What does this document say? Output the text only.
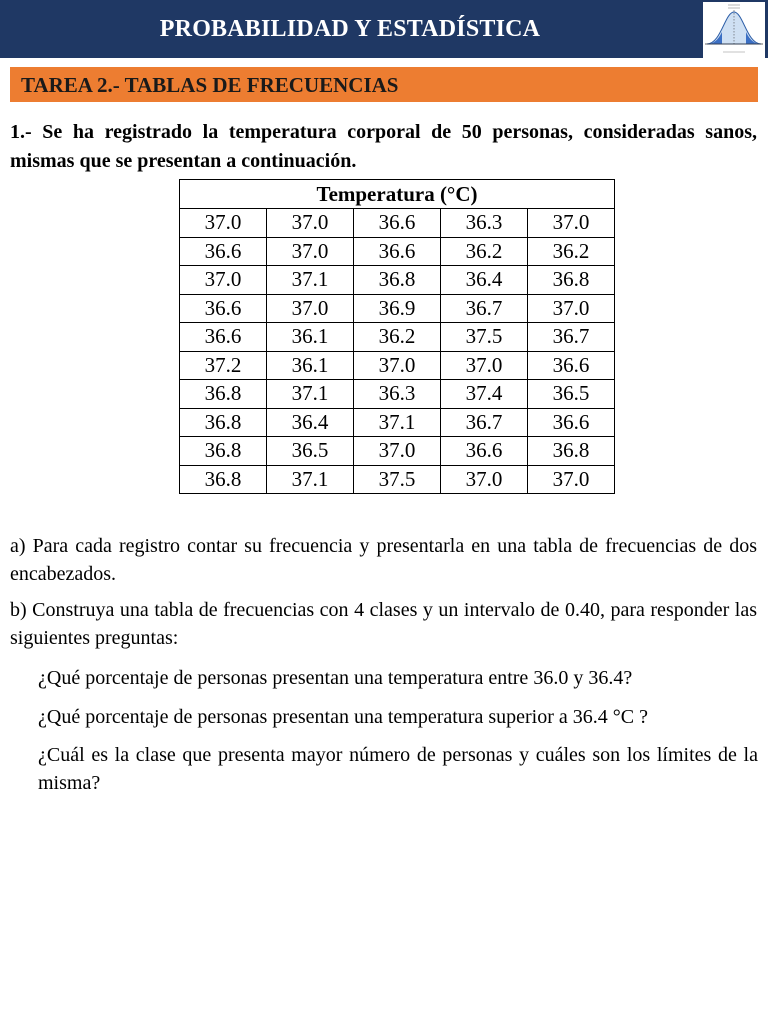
PROBABILIDAD Y ESTADÍSTICA
TAREA 2.- TABLAS DE FRECUENCIAS
1.- Se ha registrado la temperatura corporal de 50 personas, consideradas sanos, mismas que se presentan a continuación.
Temperatura (°C)				
37.0	37.0	36.6	36.3	37.0
36.6	37.0	36.6	36.2	36.2
37.0	37.1	36.8	36.4	36.8
36.6	37.0	36.9	36.7	37.0
36.6	36.1	36.2	37.5	36.7
37.2	36.1	37.0	37.0	36.6
36.8	37.1	36.3	37.4	36.5
36.8	36.4	37.1	36.7	36.6
36.8	36.5	37.0	36.6	36.8
36.8	37.1	37.5	37.0	37.0
a) Para cada registro contar su frecuencia y presentarla en una tabla de frecuencias de dos encabezados.
b) Construya una tabla de frecuencias con 4 clases y un intervalo de 0.40, para responder las siguientes preguntas:
¿Qué porcentaje de personas presentan una temperatura entre 36.0 y 36.4?
¿Qué porcentaje de personas presentan una temperatura superior a 36.4 °C ?
¿Cuál es la clase que presenta mayor número de personas y cuáles son los límites de la misma?
